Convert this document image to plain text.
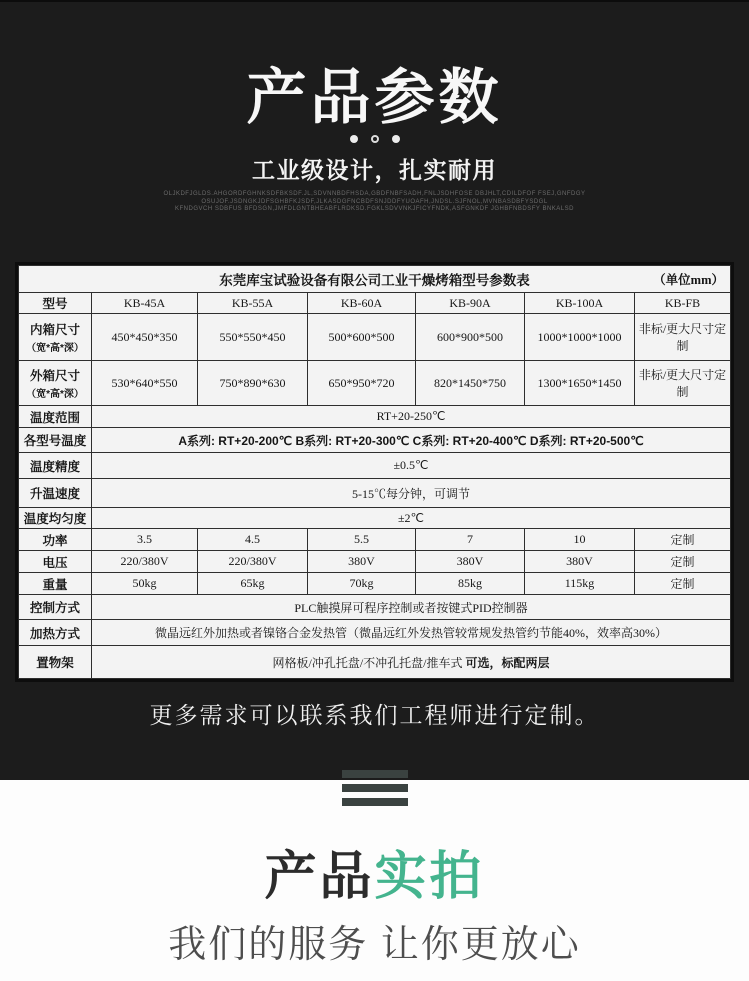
产品参数
工业级设计，扎实耐用
OLJKDFJGLDS.AHGORDFGHNKSDFBKSDF.JL,SDVNNBDFHSDA,GBDFNBFSADH,FNLJSDHFOSE DBJHLT,CDILDFOF FSEJ,GNFDGY
OSUJOF.JSDNGKJDFSGHBFKJSDF,JLKASDGFNCBDFSNJDDFYUOAFH,JNDSL.SJFNOL,MVNBASDBFYSDGL
KFNDGVCH SDBFUS BFDSGN,JMFDLGNTBHEABFLRDKSD.FGKLSDVVNKJFICYFNDK,ASFGNKDF JGHBFNBDSFY BNKALSD
东莞库宝试验设备有限公司工业干燥烤箱型号参数表 （单位mm）						

型号	KB-45A	KB-55A	KB-60A	KB-90A	KB-100A	KB-FB

内箱尺寸
（宽*高*深）	450*450*350	550*550*450	500*600*500	600*900*500	1000*1000*1000	非标/更大尺寸定制

外箱尺寸
（宽*高*深）	530*640*550	750*890*630	650*950*720	820*1450*750	1300*1650*1450	非标/更大尺寸定制
温度范围	RT+20-250℃					
各型号温度	A系列: RT+20-200℃ B系列: RT+20-300℃ C系列: RT+20-400℃ D系列: RT+20-500℃					
温度精度	±0.5℃					
升温速度	5-15℃每分钟，可调节					
温度均匀度	±2℃					
功率	3.5	4.5	5.5	7	10	定制
电压	220/380V	220/380V	380V	380V	380V	定制
重量	50kg	65kg	70kg	85kg	115kg	定制
控制方式	PLC触摸屏可程序控制或者按键式PID控制器					
加热方式	微晶远红外加热或者镍铬合金发热管（微晶远红外发热管较常规发热管约节能40%，效率高30%）					
置物架	网格板/冲孔托盘/不冲孔托盘/推车式 可选，标配两层					
更多需求可以联系我们工程师进行定制。
产品实拍
我们的服务 让你更放心
